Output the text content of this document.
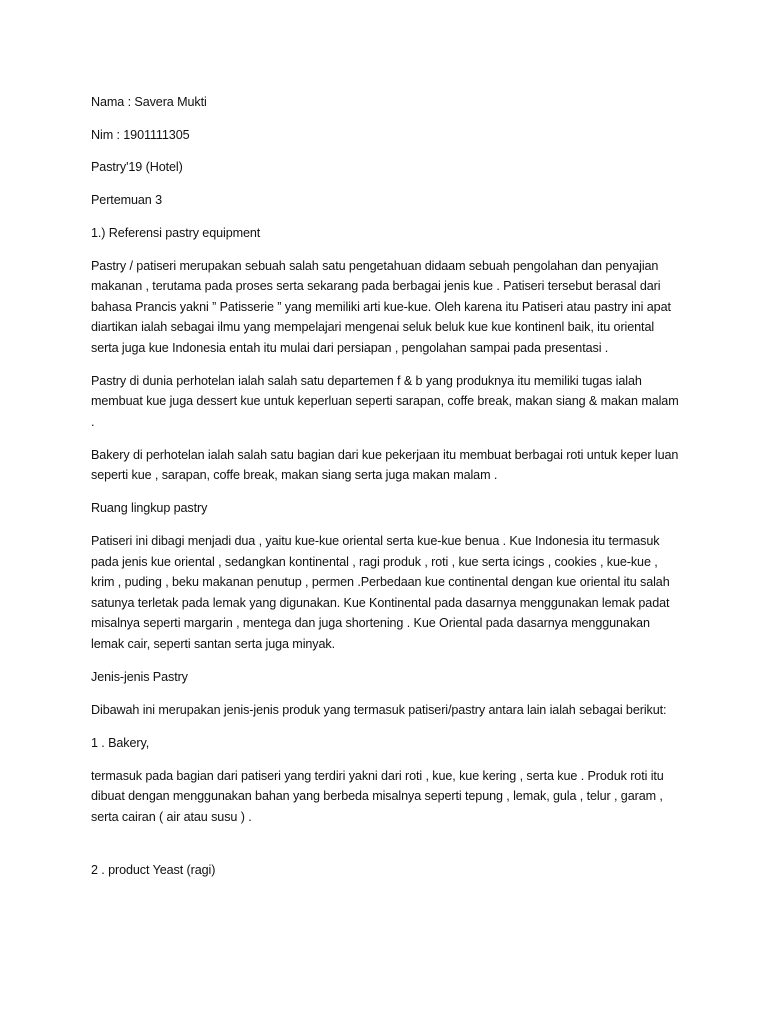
Nama : Savera Mukti

Nim : 1901111305

Pastry'19 (Hotel)

Pertemuan 3

1.) Referensi pastry equipment

Pastry / patiseri merupakan sebuah salah satu pengetahuan didaam sebuah pengolahan dan penyajian makanan , terutama pada proses serta sekarang pada berbagai jenis kue . Patiseri tersebut berasal dari bahasa Prancis yakni ” Patisserie ” yang memiliki arti kue-kue. Oleh karena itu Patiseri atau pastry ini apat diartikan ialah sebagai ilmu yang mempelajari mengenai seluk beluk kue kue kontinenl baik, itu oriental serta juga kue Indonesia entah itu mulai dari persiapan , pengolahan sampai pada presentasi .

Pastry di dunia perhotelan ialah salah satu departemen f & b yang produknya itu memiliki tugas ialah membuat kue juga dessert kue untuk keperluan seperti sarapan, coffe break, makan siang & makan malam .

Bakery di perhotelan ialah salah satu bagian dari kue pekerjaan itu membuat berbagai roti untuk keper luan seperti kue , sarapan, coffe break, makan siang serta juga makan malam .

Ruang lingkup pastry

Patiseri ini dibagi menjadi dua , yaitu kue-kue oriental serta kue-kue benua . Kue Indonesia itu termasuk pada jenis kue oriental , sedangkan kontinental , ragi produk , roti , kue serta icings , cookies , kue-kue , krim , puding , beku makanan penutup , permen .Perbedaan kue continental dengan kue oriental itu salah satunya terletak pada lemak yang digunakan. Kue Kontinental pada dasarnya menggunakan lemak padat misalnya seperti margarin , mentega dan juga shortening . Kue Oriental pada dasarnya menggunakan lemak cair, seperti santan serta juga minyak.

Jenis-jenis Pastry

Dibawah ini merupakan jenis-jenis produk yang termasuk patiseri/pastry antara lain ialah sebagai berikut:

1 . Bakery,

termasuk pada bagian dari patiseri yang terdiri yakni dari roti , kue, kue kering , serta kue . Produk roti itu dibuat dengan menggunakan bahan yang berbeda misalnya seperti tepung , lemak, gula , telur , garam , serta cairan ( air atau susu ) .

2 . product Yeast (ragi)
